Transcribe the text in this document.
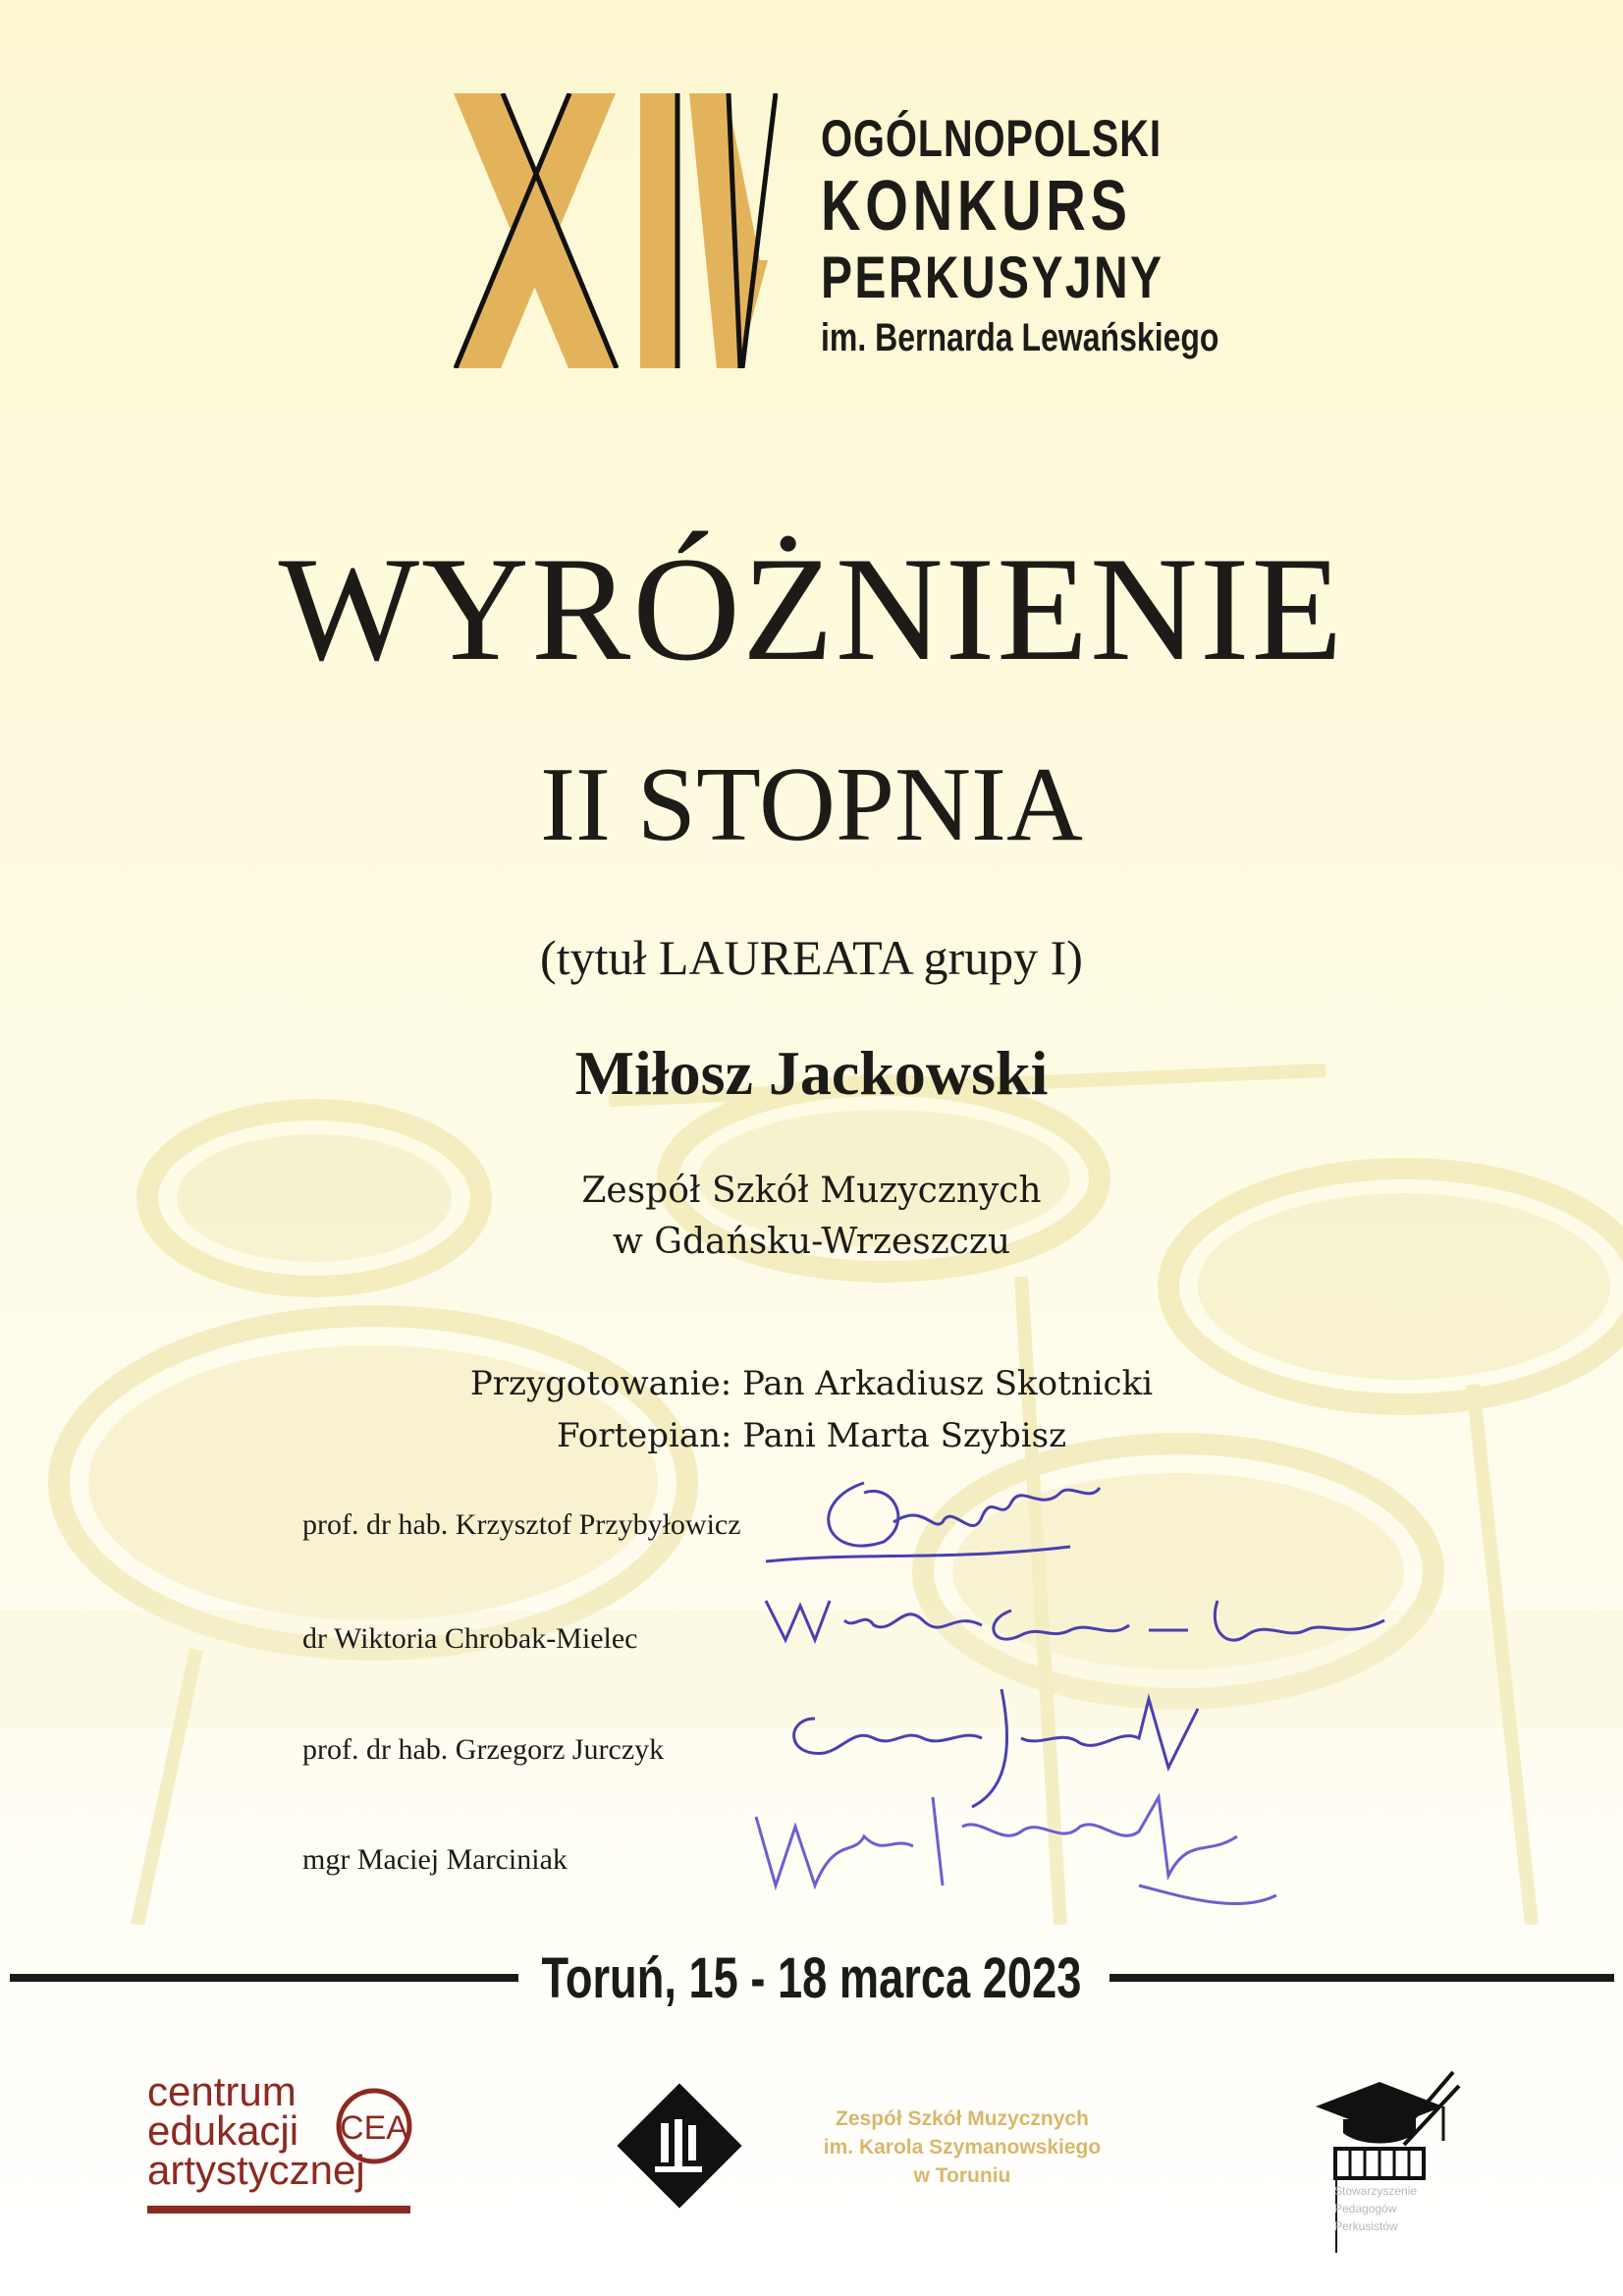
OGÓLNOPOLSKI
KONKURS
PERKUSYJNY
im. Bernarda Lewańskiego
WYRÓŻNIENIE
II STOPNIA
(tytuł LAUREATA grupy I)
Miłosz Jackowski
Zespół Szkół Muzycznych
w Gdańsku-Wrzeszczu
Przygotowanie: Pan Arkadiusz Skotnicki
Fortepian: Pani Marta Szybisz
prof. dr hab. Krzysztof Przybyłowicz
dr Wiktoria Chrobak-Mielec
prof. dr hab. Grzegorz Jurczyk
mgr Maciej Marciniak
Toruń, 15 - 18 marca 2023
centrum
edukacji
artystycznej
CEA	Zespół Szkół Muzycznych
im. Karola Szymanowskiego
w Toruniu
Stowarzyszenie
Pedagogów
Perkusistów
